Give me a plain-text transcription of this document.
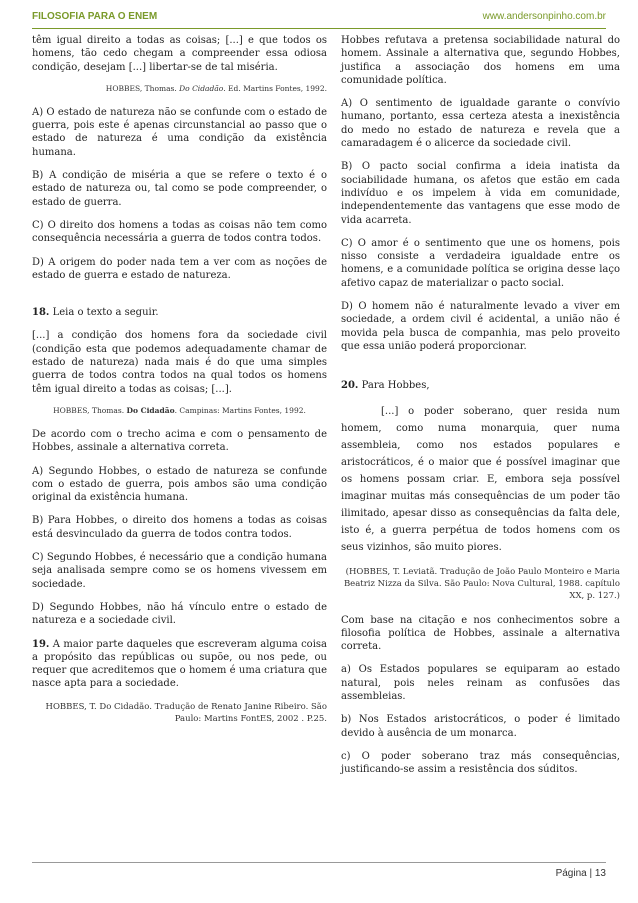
FILOSOFIA PARA O ENEM	www.andersonpinho.com.br

têm igual direito a todas as coisas; [...] e que todos os homens, tão cedo chegam a compreender essa odiosa condição, desejam [...] libertar-se de tal miséria.

HOBBES, Thomas. Do Cidadão. Ed. Martins Fontes, 1992.

A) O estado de natureza não se confunde com o estado de guerra, pois este é apenas circunstancial ao passo que o estado de natureza é uma condição da existência humana.

B) A condição de miséria a que se refere o texto é o estado de natureza ou, tal como se pode compreender, o estado de guerra.

C) O direito dos homens a todas as coisas não tem como consequência necessária a guerra de todos contra todos.

D) A origem do poder nada tem a ver com as noções de estado de guerra e estado de natureza.

18. Leia o texto a seguir.

[...] a condição dos homens fora da sociedade civil (condição esta que podemos adequadamente chamar de estado de natureza) nada mais é do que uma simples guerra de todos contra todos na qual todos os homens têm igual direito a todas as coisas; [...].

HOBBES, Thomas. Do Cidadão. Campinas: Martins Fontes, 1992.

De acordo com o trecho acima e com o pensamento de Hobbes, assinale a alternativa correta.

A) Segundo Hobbes, o estado de natureza se confunde com o estado de guerra, pois ambos são uma condição original da existência humana.

B) Para Hobbes, o direito dos homens a todas as coisas está desvinculado da guerra de todos contra todos.

C) Segundo Hobbes, é necessário que a condição humana seja analisada sempre como se os homens vivessem em sociedade.

D) Segundo Hobbes, não há vínculo entre o estado de natureza e a sociedade civil.

19. A maior parte daqueles que escreveram alguma coisa a propósito das repúblicas ou supõe, ou nos pede, ou requer que acreditemos que o homem é uma criatura que nasce apta para a sociedade.

HOBBES, T. Do Cidadão. Tradução de Renato Janine Ribeiro. São Paulo: Martins FontES, 2002 . P.25.

Hobbes refutava a pretensa sociabilidade natural do homem. Assinale a alternativa que, segundo Hobbes, justifica a associação dos homens em uma comunidade política.

A) O sentimento de igualdade garante o convívio humano, portanto, essa certeza atesta a inexistência do medo no estado de natureza e revela que a camaradagem é o alicerce da sociedade civil.

B) O pacto social confirma a ideia inatista da sociabilidade humana, os afetos que estão em cada indivíduo e os impelem à vida em comunidade, independentemente das vantagens que esse modo de vida acarreta.

C) O amor é o sentimento que une os homens, pois nisso consiste a verdadeira igualdade entre os homens, e a comunidade política se origina desse laço afetivo capaz de materializar o pacto social.

D) O homem não é naturalmente levado a viver em sociedade, a ordem civil é acidental, a união não é movida pela busca de companhia, mas pelo proveito que essa união poderá proporcionar.

20. Para Hobbes,

[...] o poder soberano, quer resida num homem, como numa monarquia, quer numa assembleia, como nos estados populares e aristocráticos, é o maior que é possível imaginar que os homens possam criar. E, embora seja possível imaginar muitas más consequências de um poder tão ilimitado, apesar disso as consequências da falta dele, isto é, a guerra perpétua de todos homens com os seus vizinhos, são muito piores.

(HOBBES, T. Leviatã. Tradução de João Paulo Monteiro e Maria Beatriz Nizza da Silva. São Paulo: Nova Cultural, 1988. capítulo XX, p. 127.)

Com base na citação e nos conhecimentos sobre a filosofia política de Hobbes, assinale a alternativa correta.

a) Os Estados populares se equiparam ao estado natural, pois neles reinam as confusões das assembleias.

b) Nos Estados aristocráticos, o poder é limitado devido à ausência de um monarca.

c) O poder soberano traz más consequências, justificando-se assim a resistência dos súditos.

Página | 13
